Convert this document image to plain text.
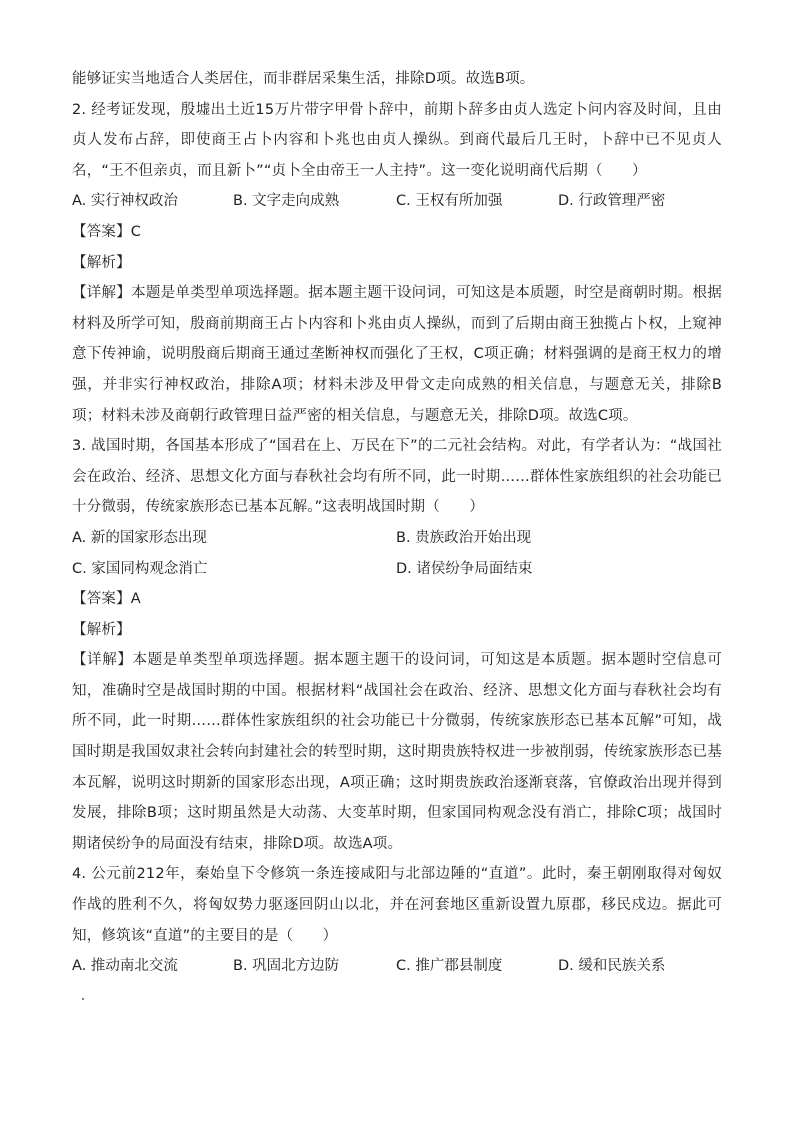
能够证实当地适合人类居住，而非群居采集生活，排除D项。故选B项。

2. 经考证发现，殷墟出土近15万片带字甲骨卜辞中，前期卜辞多由贞人选定卜问内容及时间，且由贞人发布占辞，即使商王占卜内容和卜兆也由贞人操纵。到商代最后几王时，卜辞中已不见贞人名，“王不但亲贞，而且新卜”“贞卜全由帝王一人主持”。这一变化说明商代后期（　　）

A. 实行神权政治	B. 文字走向成熟	C. 王权有所加强	D. 行政管理严密

【答案】C

【解析】

【详解】本题是单类型单项选择题。据本题主题干设问词，可知这是本质题，时空是商朝时期。根据材料及所学可知，殷商前期商王占卜内容和卜兆由贞人操纵，而到了后期由商王独揽占卜权，上窥神意下传神谕，说明殷商后期商王通过垄断神权而强化了王权，C项正确；材料强调的是商王权力的增强，并非实行神权政治，排除A项；材料未涉及甲骨文走向成熟的相关信息，与题意无关，排除B项；材料未涉及商朝行政管理日益严密的相关信息，与题意无关，排除D项。故选C项。

3. 战国时期，各国基本形成了“国君在上、万民在下”的二元社会结构。对此，有学者认为：“战国社会在政治、经济、思想文化方面与春秋社会均有所不同，此一时期……群体性家族组织的社会功能已十分微弱，传统家族形态已基本瓦解。”这表明战国时期（　　）

A. 新的国家形态出现	B. 贵族政治开始出现
C. 家国同构观念消亡	D. 诸侯纷争局面结束

【答案】A

【解析】

【详解】本题是单类型单项选择题。据本题主题干的设问词，可知这是本质题。据本题时空信息可知，准确时空是战国时期的中国。根据材料“战国社会在政治、经济、思想文化方面与春秋社会均有所不同，此一时期……群体性家族组织的社会功能已十分微弱，传统家族形态已基本瓦解”可知，战国时期是我国奴隶社会转向封建社会的转型时期，这时期贵族特权进一步被削弱，传统家族形态已基本瓦解，说明这时期新的国家形态出现，A项正确；这时期贵族政治逐渐衰落，官僚政治出现并得到发展，排除B项；这时期虽然是大动荡、大变革时期，但家国同构观念没有消亡，排除C项；战国时期诸侯纷争的局面没有结束，排除D项。故选A项。

4. 公元前212年，秦始皇下令修筑一条连接咸阳与北部边陲的“直道”。此时，秦王朝刚取得对匈奴作战的胜利不久，将匈奴势力驱逐回阴山以北，并在河套地区重新设置九原郡，移民戍边。据此可知，修筑该“直道”的主要目的是（　　）

A. 推动南北交流	B. 巩固北方边防	C. 推广郡县制度	D. 缓和民族关系
